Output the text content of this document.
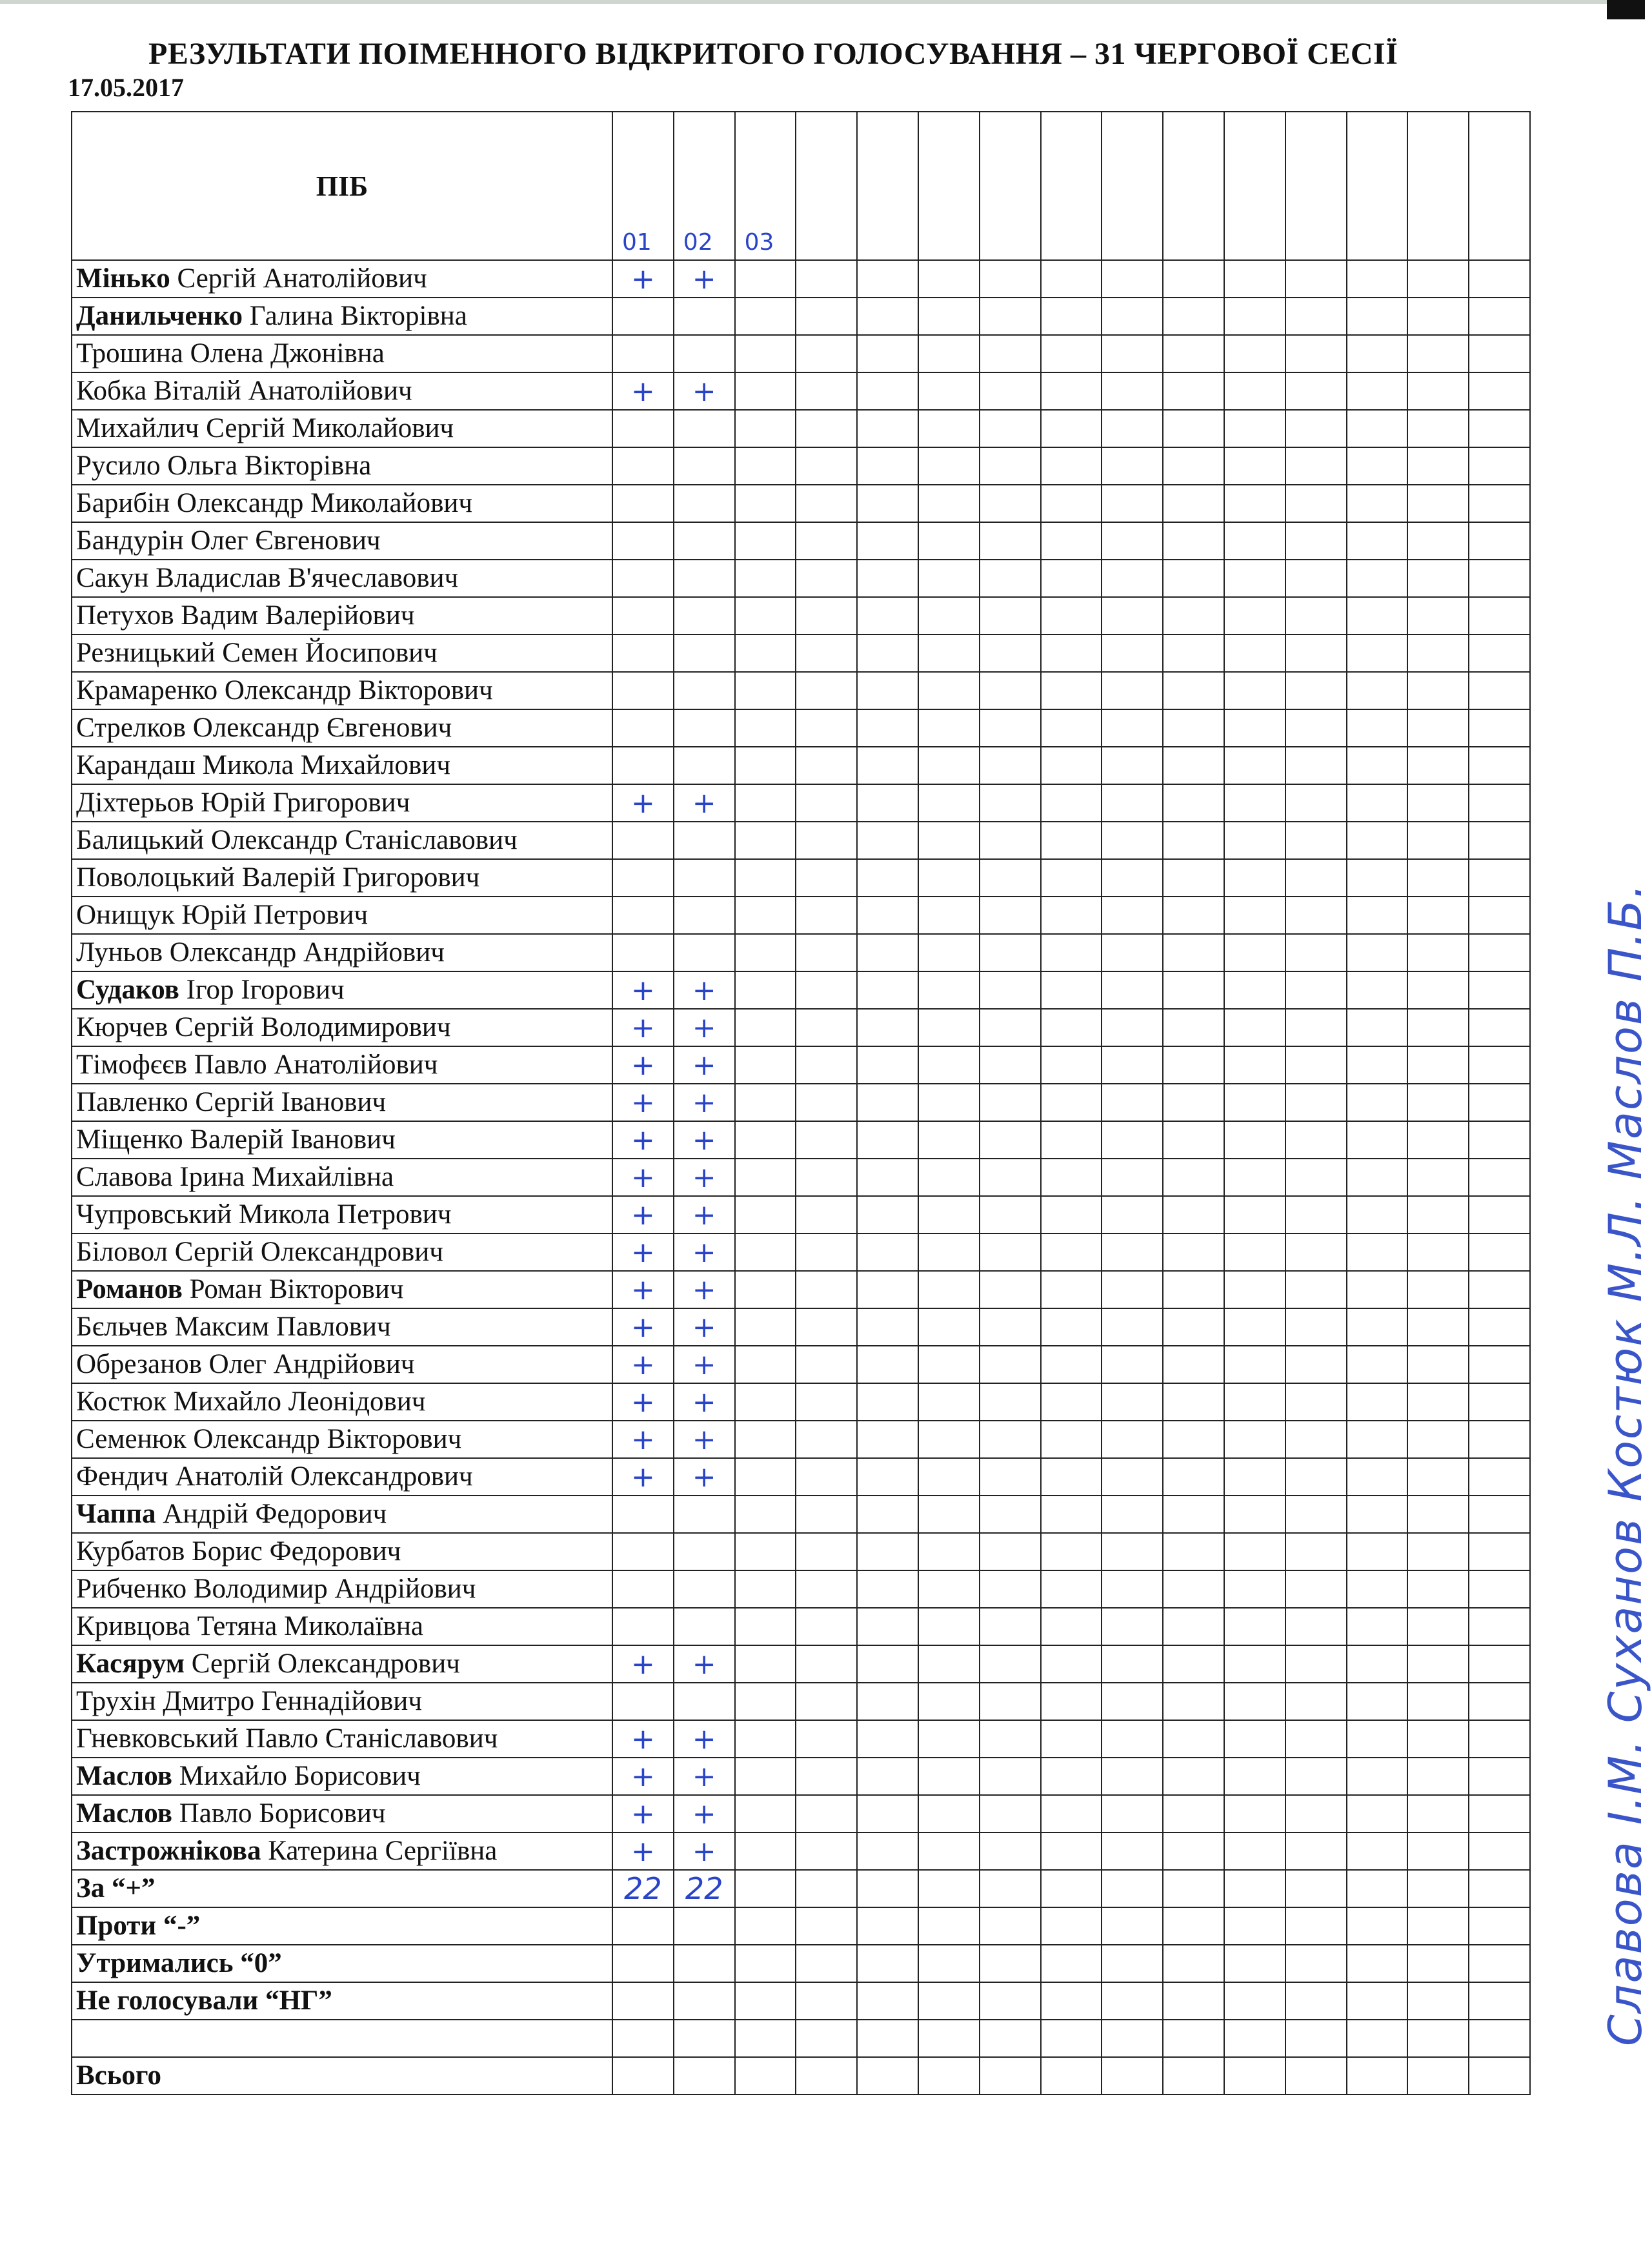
РЕЗУЛЬТАТИ ПОІМЕННОГО ВІДКРИТОГО ГОЛОСУВАННЯ – 31 ЧЕРГОВОЇ СЕСІЇ
17.05.2017
ПІБ	01	02	03												

Мінько Сергій Анатолійович	+	+													
Данильченко Галина Вікторівна															
Трошина Олена Джонівна															
Кобка Віталій Анатолійович	+	+													
Михайлич Сергій Миколайович															
Русило Ольга Вікторівна															
Барибін Олександр Миколайович															
Бандурін Олег Євгенович															
Сакун Владислав В'ячеславович															
Петухов Вадим Валерійович															
Резницький Семен Йосипович															
Крамаренко Олександр Вікторович															
Стрелков Олександр Євгенович															
Карандаш Микола Михайлович															
Діхтерьов Юрій Григорович	+	+													
Балицький Олександр Станіславович															
Поволоцький Валерій Григорович															
Онищук Юрій Петрович															
Луньов Олександр Андрійович															
Судаков Ігор Ігорович	+	+													
Кюрчев Сергій Володимирович	+	+													
Тімофєєв Павло Анатолійович	+	+													
Павленко Сергій Іванович	+	+													
Міщенко Валерій Іванович	+	+													
Славова Ірина Михайлівна	+	+													
Чупровський Микола Петрович	+	+													
Біловол Сергій Олександрович	+	+													
Романов Роман Вікторович	+	+													
Бєльчев Максим Павлович	+	+													
Обрезанов Олег Андрійович	+	+													
Костюк Михайло Леонідович	+	+													
Семенюк Олександр Вікторович	+	+													
Фендич Анатолій Олександрович	+	+													
Чаппа Андрій Федорович															
Курбатов Борис Федорович															
Рибченко Володимир Андрійович															
Кривцова Тетяна Миколаївна															
Касярум Сергій Олександрович	+	+													
Трухін Дмитро Геннадійович															
Гневковський Павло Станіславович	+	+													
Маслов Михайло Борисович	+	+													
Маслов Павло Борисович	+	+													
Застрожнікова Катерина Сергіївна	+	+													
За “+”	22	22													
Проти “-”															
Утримались “0”															
Не голосували “НГ”															

Всього															
Славова І.М. Суханов Костюк М.Л. Маслов П.Б.
